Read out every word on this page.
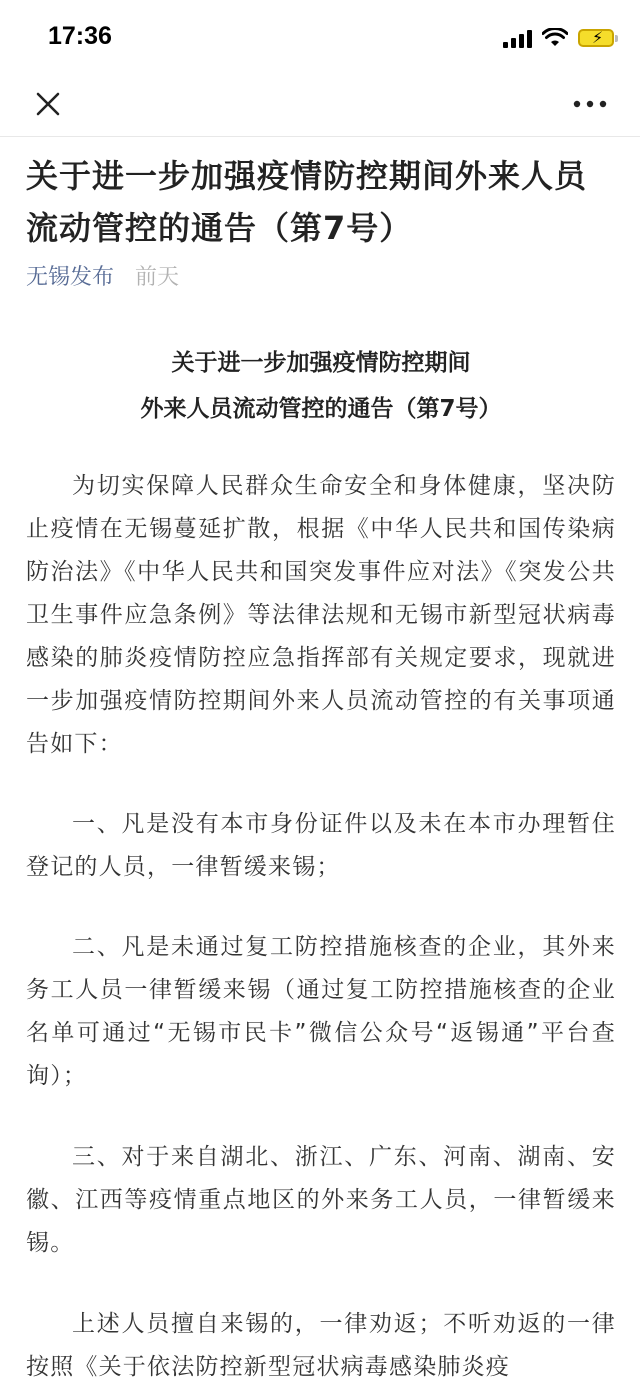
17:36	⚡
关于进一步加强疫情防控期间外来人员流动管控的通告（第7号）
无锡发布 前天
关于进一步加强疫情防控期间
外来人员流动管控的通告（第7号）

为切实保障人民群众生命安全和身体健康，坚决防止疫情在无锡蔓延扩散，根据《中华人民共和国传染病防治法》《中华人民共和国突发事件应对法》《突发公共卫生事件应急条例》等法律法规和无锡市新型冠状病毒感染的肺炎疫情防控应急指挥部有关规定要求，现就进一步加强疫情防控期间外来人员流动管控的有关事项通告如下：

一、凡是没有本市身份证件以及未在本市办理暂住登记的人员，一律暂缓来锡；

二、凡是未通过复工防控措施核查的企业，其外来务工人员一律暂缓来锡（通过复工防控措施核查的企业名单可通过“无锡市民卡”微信公众号“返锡通”平台查询）；

三、对于来自湖北、浙江、广东、河南、湖南、安徽、江西等疫情重点地区的外来务工人员，一律暂缓来锡。

上述人员擅自来锡的，一律劝返；不听劝返的一律按照《关于依法防控新型冠状病毒感染肺炎疫
